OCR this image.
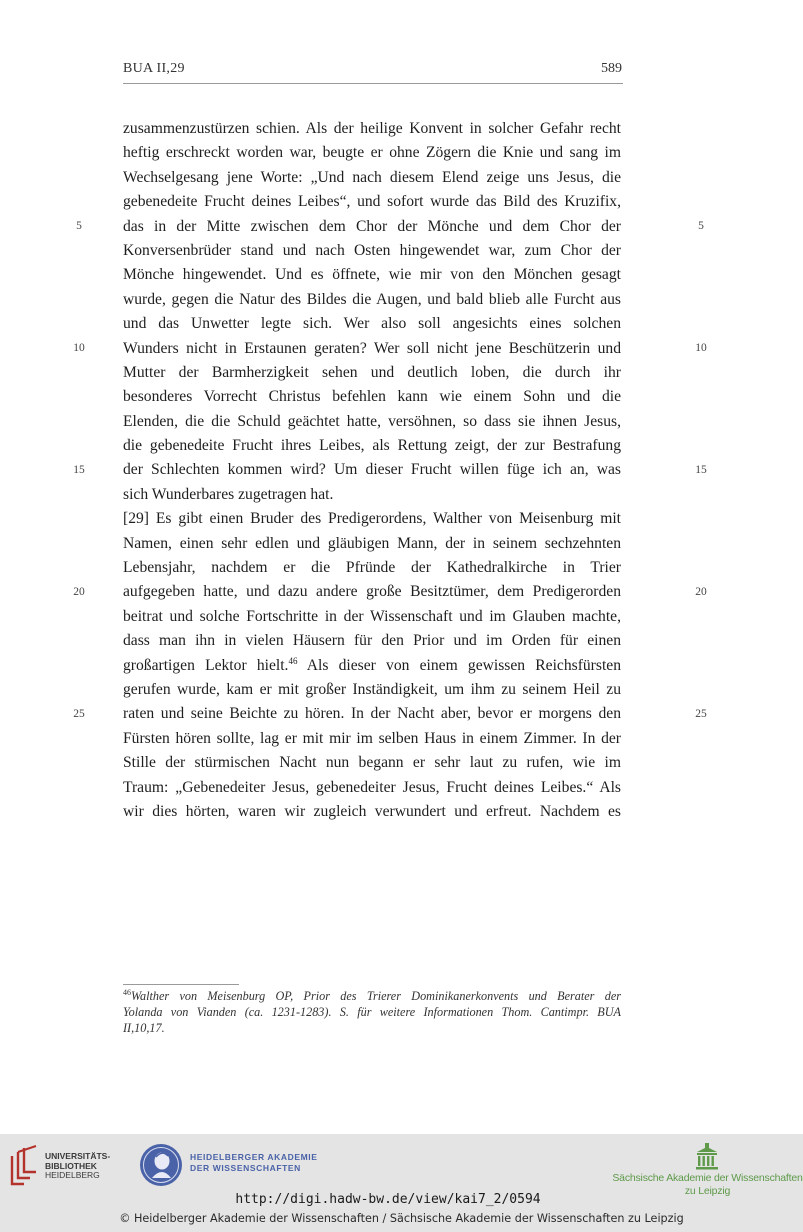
BUA II,29	589
zusammenzustürzen schien. Als der heilige Konvent in solcher Gefahr recht
heftig erschreckt worden war, beugte er ohne Zögern die Knie und sang im
Wechselgesang jene Worte: „Und nach diesem Elend zeige uns Jesus, die
gebenedeite Frucht deines Leibes“, und sofort wurde das Bild des Kruzifix,
das in der Mitte zwischen dem Chor der Mönche und dem Chor der
Konversenbrüder stand und nach Osten hingewendet war, zum Chor der
Mönche hingewendet. Und es öffnete, wie mir von den Mönchen gesagt
wurde, gegen die Natur des Bildes die Augen, und bald blieb alle Furcht aus
und das Unwetter legte sich. Wer also soll angesichts eines solchen
Wunders nicht in Erstaunen geraten? Wer soll nicht jene Beschützerin und
Mutter der Barmherzigkeit sehen und deutlich loben, die durch ihr
besonderes Vorrecht Christus befehlen kann wie einem Sohn und die
Elenden, die die Schuld geächtet hatte, versöhnen, so dass sie ihnen Jesus,
die gebenedeite Frucht ihres Leibes, als Rettung zeigt, der zur Bestrafung
der Schlechten kommen wird? Um dieser Frucht willen füge ich an, was
sich Wunderbares zugetragen hat.
[29] Es gibt einen Bruder des Predigerordens, Walther von Meisenburg mit
Namen, einen sehr edlen und gläubigen Mann, der in seinem sechzehnten
Lebensjahr, nachdem er die Pfründe der Kathedralkirche in Trier
aufgegeben hatte, und dazu andere große Besitztümer, dem Predigerorden
beitrat und solche Fortschritte in der Wissenschaft und im Glauben machte,
dass man ihn in vielen Häusern für den Prior und im Orden für einen
großartigen Lektor hielt.$^{46}$ Als dieser von einem gewissen Reichsfürsten
gerufen wurde, kam er mit großer Inständigkeit, um ihm zu seinem Heil zu
raten und seine Beichte zu hören. In der Nacht aber, bevor er morgens den
Fürsten hören sollte, lag er mit mir im selben Haus in einem Zimmer. In der
Stille der stürmischen Nacht nun begann er sehr laut zu rufen, wie im
Traum: „Gebenedeiter Jesus, gebenedeiter Jesus, Frucht deines Leibes.“ Als
wir dies hörten, waren wir zugleich verwundert und erfreut. Nachdem es
5	5
10	10
15	15
20	20
25	25
$^{46}$Walther von Meisenburg OP, Prior des Trierer Dominikanerkonvents und Berater der
Yolanda von Vianden (ca. 1231-1283). S. für weitere Informationen Thom. Cantimpr. BUA
II,10,17.
UNIVERSITÄTS-
BIBLIOTHEK
HEIDELBERG
HEIDELBERGER AKADEMIE
DER WISSENSCHAFTEN
Sächsische Akademie der Wissenschaften
zu Leipzig
http://digi.hadw-bw.de/view/kai7_2/0594
© Heidelberger Akademie der Wissenschaften / Sächsische Akademie der Wissenschaften zu Leipzig
